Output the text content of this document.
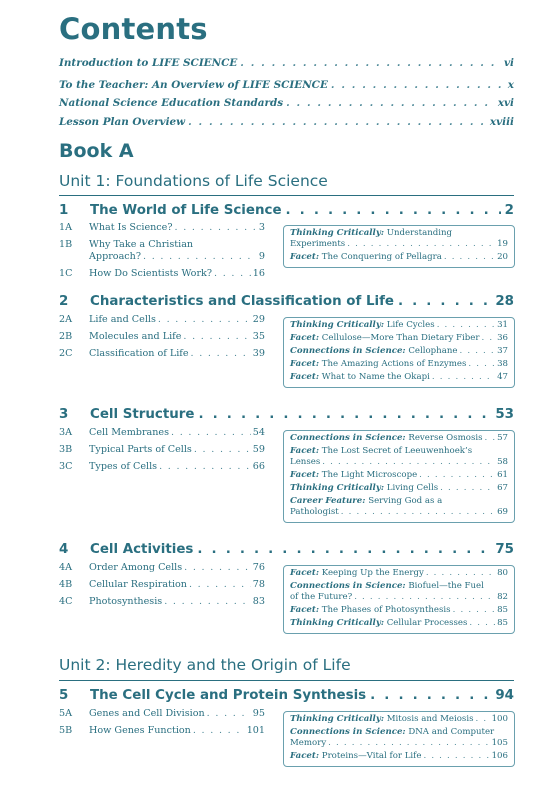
Contents
Introduction to LIFE SCIENCE . . .	vi
To the Teacher: An Overview of LIFE SCIENCE . . .	x
National Science Education Standards . . .	xvi
Lesson Plan Overview . . .	xviii
Book A
Unit 1: Foundations of Life Science
1	The World of Life Science . . .	2
1A	What Is Science? . . .	3
1B	Why Take a Christian
Approach? . . .	9
1C	How Do Scientists Work? . . .	16
Thinking Critically: Understanding
Experiments . . .	19
Facet:
The Conquering of Pellagra . . .	20
2	Characteristics and Classification of Life . . .	28
2A	Life and Cells . . .	29
2B	Molecules and Life . . .	35
2C	Classification of Life . . .	39
Thinking Critically:
Life Cycles . . .	31
Facet:
Cellulose—More Than Dietary Fiber . . . 36
Connections in Science:
Cellophane . . .	37
Facet:
The Amazing Actions of Enzymes . . .	38
Facet:
What to Name the Okapi . . .	47
3	Cell Structure . . .	53
3A	Cell Membranes . . .	54
3B	Typical Parts of Cells . . .	59
3C	Types of Cells . . .	66
Connections in Science:
Reverse Osmosis . . . 57
Facet: The Lost Secret of Leeuwenhoek’s
Lenses . . .	58
Facet:
The Light Microscope . . .	61
Thinking Critically:
Living Cells . . .	67
Career Feature: Serving God as a
Pathologist . . .	69
4	Cell Activities . . .	75
4A	Order Among Cells . . .	76
4B	Cellular Respiration . . .	78
4C	Photosynthesis . . .	83
Facet:
Keeping Up the Energy . . .	80
Connections in Science: Biofuel—the Fuel
of the Future? . . .	82
Facet:
The Phases of Photosynthesis . . .	85
Thinking Critically:
Cellular Processes . . .	85
Unit 2: Heredity and the Origin of Life
5	The Cell Cycle and Protein Synthesis . . .	94
5A	Genes and Cell Division . . .	95
5B	How Genes Function . . .	101
Thinking Critically:
Mitosis and Meiosis . . . 100
Connections in Science: DNA and Computer
Memory . . .	105
Facet:
Proteins—Vital for Life . . .	106
